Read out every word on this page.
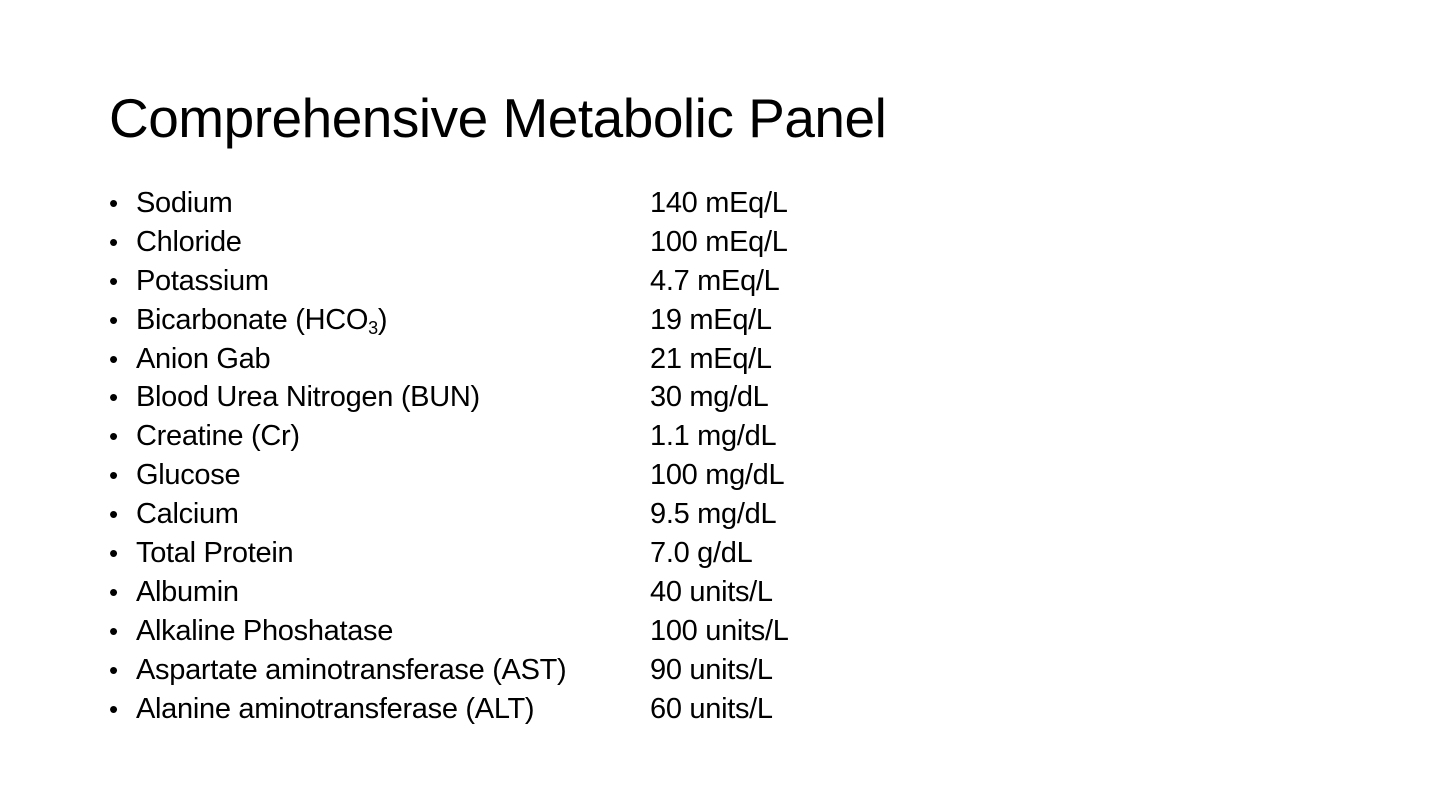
Comprehensive Metabolic Panel
• Sodium	140 mEq/L
• Chloride	100 mEq/L
• Potassium	4.7 mEq/L
• Bicarbonate $(HCO_3)$	19 mEq/L
• Anion Gab	21 mEq/L
• Blood Urea Nitrogen (BUN)	30 mg/dL
• Creatine (Cr)	1.1 mg/dL
• Glucose	100 mg/dL
• Calcium	9.5 mg/dL
• Total Protein	7.0 g/dL
• Albumin	40 units/L
• Alkaline Phoshatase	100 units/L
• Aspartate aminotransferase (AST)	90 units/L
• Alanine aminotransferase (ALT)	60 units/L
